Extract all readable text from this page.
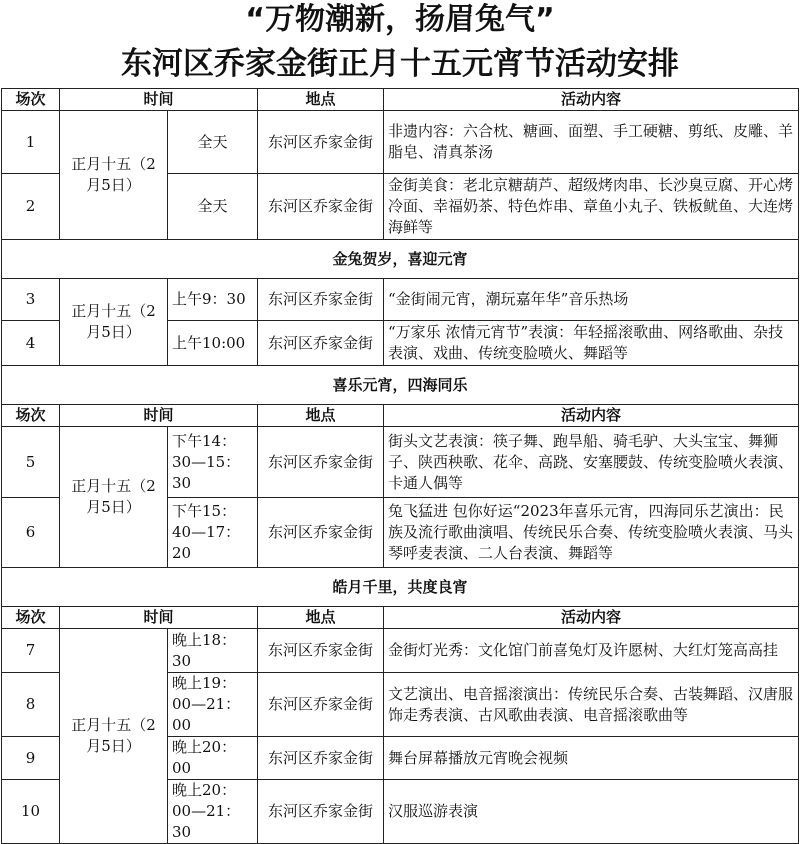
“万物潮新，扬眉兔气”
东河区乔家金街正月十五元宵节活动安排
场次	时间		地点	活动内容
1	正月十五（2月5日）	全天	东河区乔家金街	非遗内容：六合枕、糖画、面塑、手工硬糖、剪纸、皮雕、羊脂皂、清真茶汤
2		全天	东河区乔家金街	金街美食：老北京糖葫芦、超级烤肉串、长沙臭豆腐、开心烤冷面、幸福奶茶、特色炸串、章鱼小丸子、铁板鱿鱼、大连烤海鲜等
金兔贺岁，喜迎元宵				
3	正月十五（2月5日）	上午9：30	东河区乔家金街	“金街闹元宵，潮玩嘉年华”音乐热场
4		上午10:00	东河区乔家金街	“万家乐 浓情元宵节”表演：年轻摇滚歌曲、网络歌曲、杂技表演、戏曲、传统变脸喷火、舞蹈等
喜乐元宵，四海同乐				
场次	时间		地点	活动内容
5	正月十五（2月5日）	下午14：30—15：30	东河区乔家金街	街头文艺表演：筷子舞、跑旱船、骑毛驴、大头宝宝、舞狮子、陕西秧歌、花伞、高跷、安塞腰鼓、传统变脸喷火表演、卡通人偶等
6		下午15：40—17：20	东河区乔家金街	兔飞猛进 包你好运“2023年喜乐元宵，四海同乐艺演出：民族及流行歌曲演唱、传统民乐合奏、传统变脸喷火表演、马头琴呼麦表演、二人台表演、舞蹈等
皓月千里，共度良宵				
场次	时间		地点	活动内容
7	正月十五（2月5日）	晚上18：30	东河区乔家金街	金街灯光秀：文化馆门前喜兔灯及许愿树、大红灯笼高高挂
8		晚上19：00—21：00	东河区乔家金街	文艺演出、电音摇滚演出：传统民乐合奏、古装舞蹈、汉唐服饰走秀表演、古风歌曲表演、电音摇滚歌曲等
9		晚上20：00	东河区乔家金街	舞台屏幕播放元宵晚会视频
10		晚上20：00—21：30	东河区乔家金街	汉服巡游表演
